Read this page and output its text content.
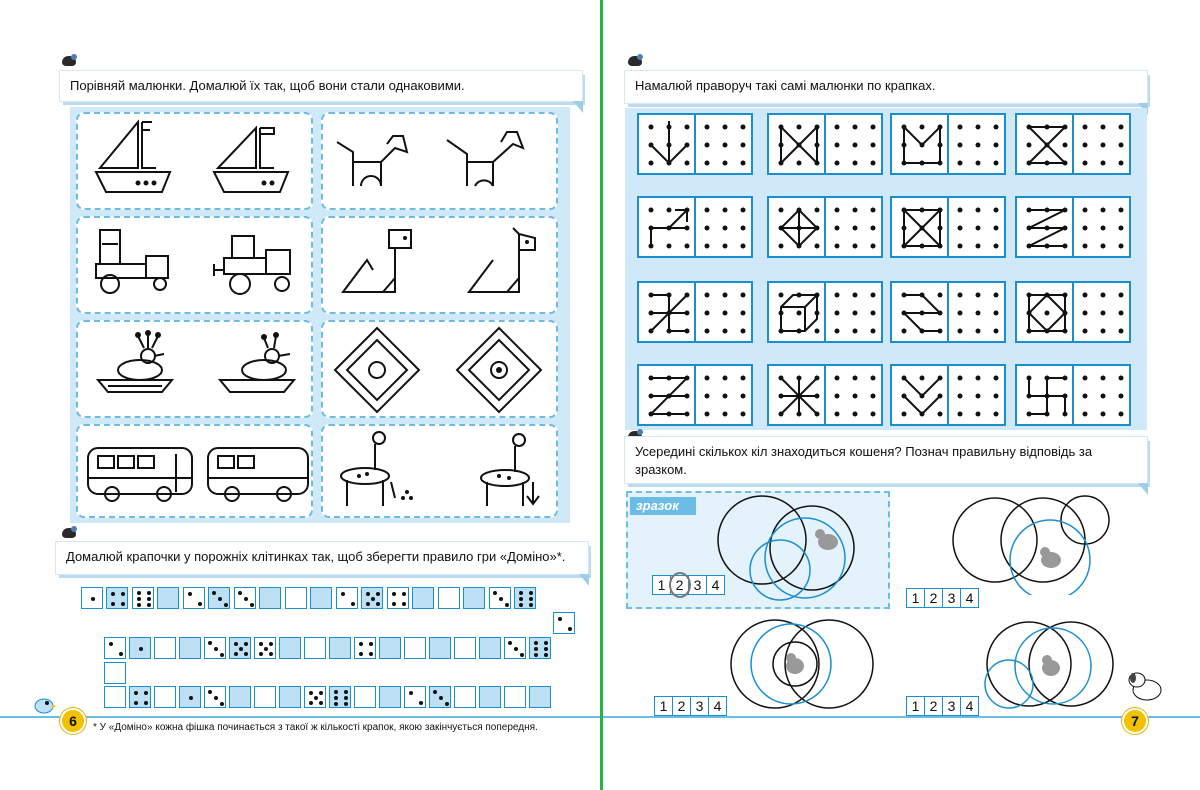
Порівняй малюнки. Домалюй їх так, щоб вони стали однаковими.
Домалюй крапочки у порожніх клітинках так, щоб зберегти правило гри «Доміно»*.
6	* У «Доміно» кожна фішка починається з такої ж кількості крапок, якою закінчується попередня.
Намалюй праворуч такі самі малюнки по крапках.
Усередині скількох кіл знаходиться кошеня? Познач правильну відповідь за зразком.
зразок
1 2 3 4
1 2 3 4
1 2 3 4	1 2 3 4
7
